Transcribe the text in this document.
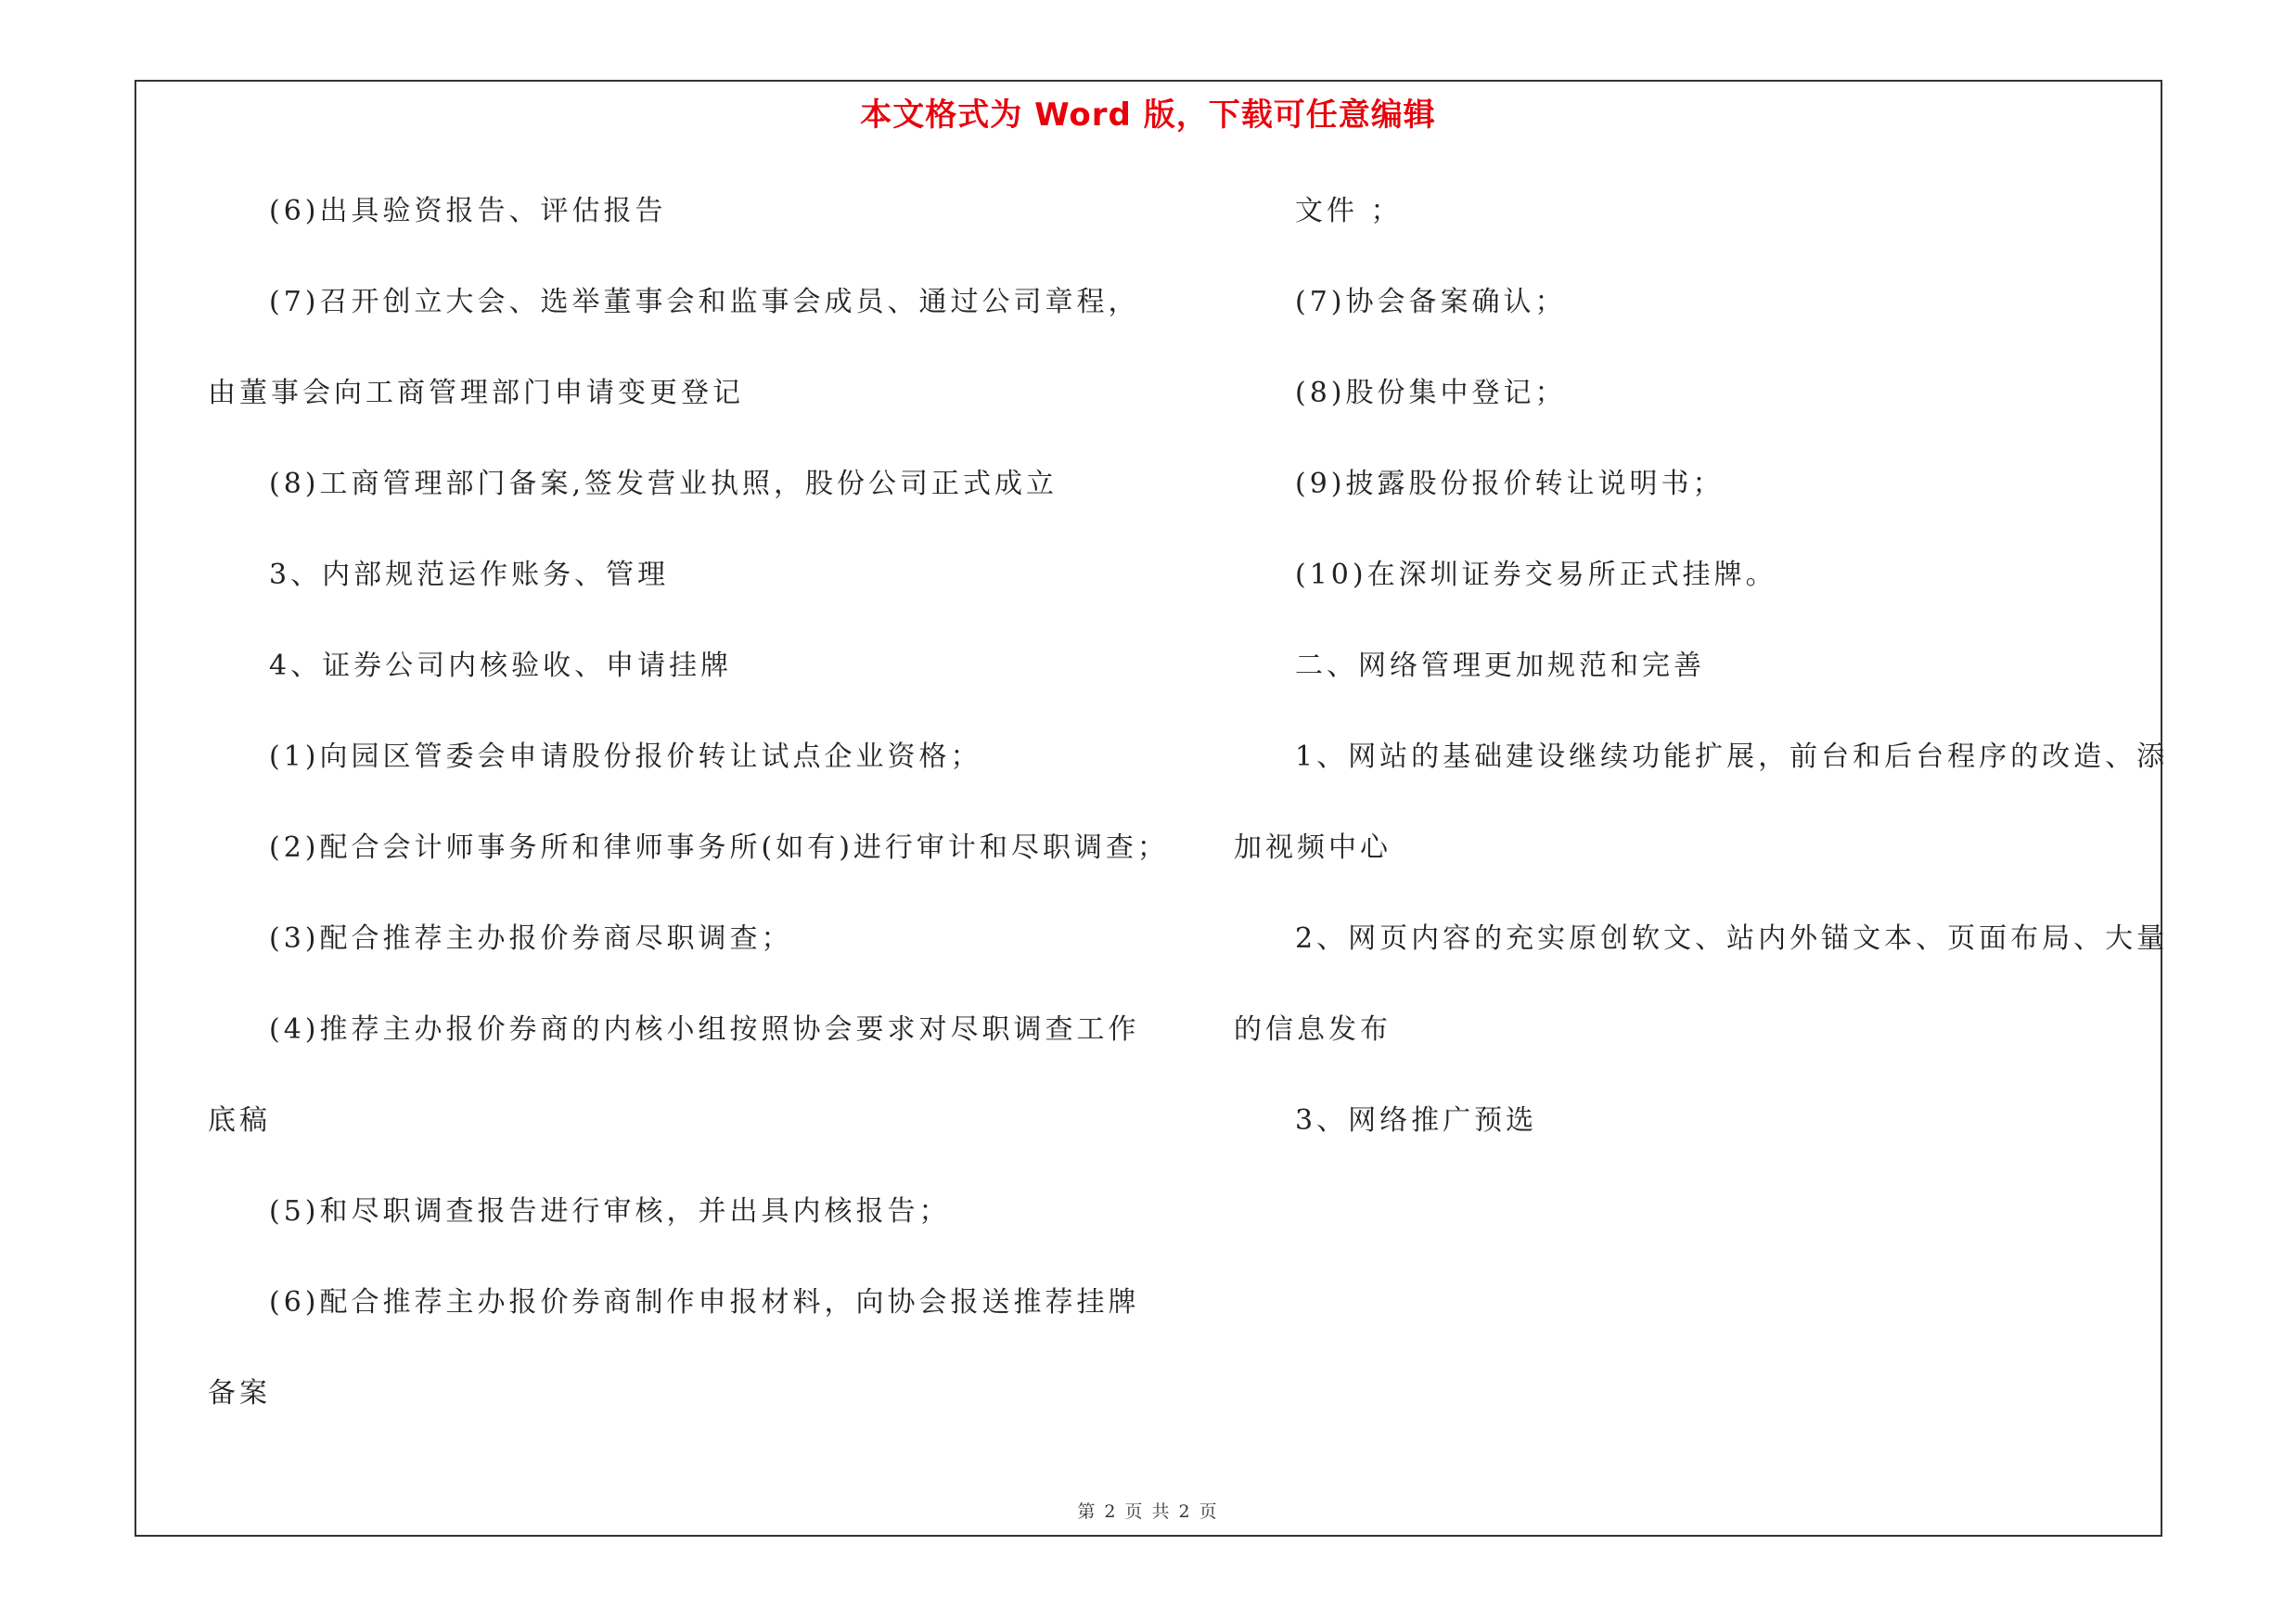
本文格式为 Word 版，下载可任意编辑
(6)出具验资报告、评估报告
(7)召开创立大会、选举董事会和监事会成员、通过公司章程，
由董事会向工商管理部门申请变更登记
(8)工商管理部门备案,签发营业执照，股份公司正式成立
3、内部规范运作账务、管理
4、证券公司内核验收、申请挂牌
(1)向园区管委会申请股份报价转让试点企业资格；
(2)配合会计师事务所和律师事务所(如有)进行审计和尽职调查；
(3)配合推荐主办报价券商尽职调查；
(4)推荐主办报价券商的内核小组按照协会要求对尽职调查工作
底稿
(5)和尽职调查报告进行审核，并出具内核报告；
(6)配合推荐主办报价券商制作申报材料，向协会报送推荐挂牌
备案
文件 ；
(7)协会备案确认；
(8)股份集中登记；
(9)披露股份报价转让说明书；
(10)在深圳证券交易所正式挂牌。
二、网络管理更加规范和完善
1、网站的基础建设继续功能扩展，前台和后台程序的改造、添
加视频中心
2、网页内容的充实原创软文、站内外锚文本、页面布局、大量
的信息发布
3、网络推广预选
第 2 页 共 2 页
